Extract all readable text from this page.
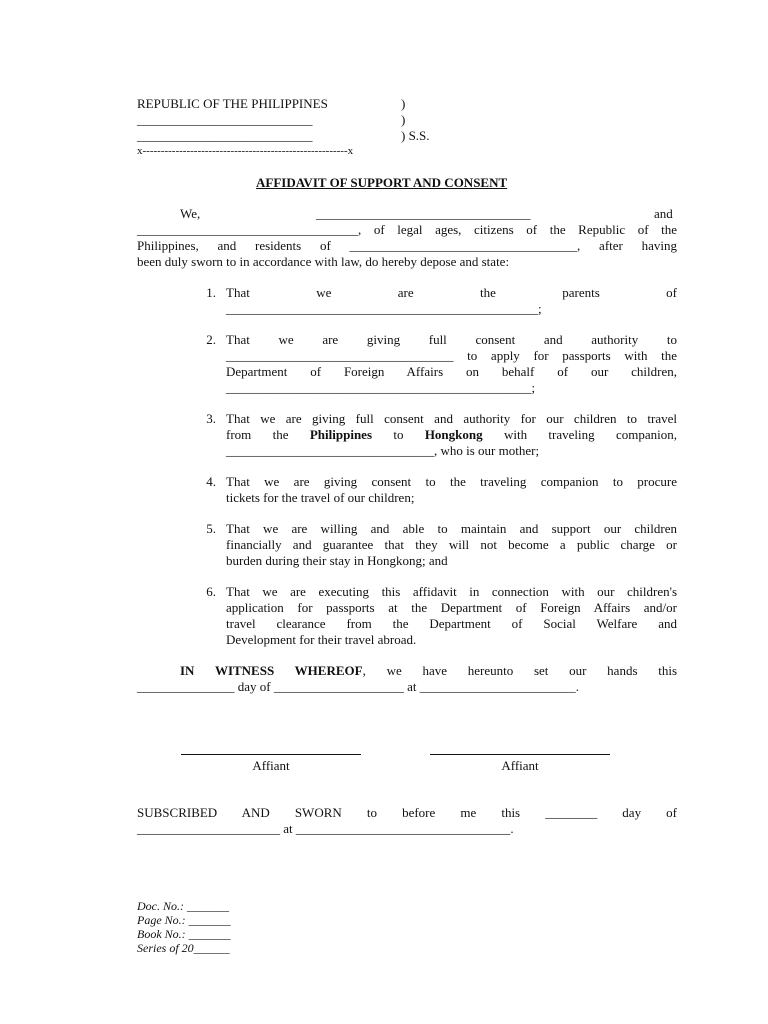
REPUBLIC OF THE PHILIPPINES	)
___________________________	)
___________________________	) S.S.
x--------------------------------------------------------x
AFFIDAVIT OF SUPPORT AND CONSENT
We,	_________________________________	and
__________________________________, of legal ages, citizens of the Republic of the
Philippines, and residents of ___________________________________, after having
been duly sworn to in accordance with law, do hereby depose and state:
1. That we are the parents of
________________________________________________;
2. That we are giving full consent and authority to
___________________________________ to apply for passports with the
Department of Foreign Affairs on behalf of our children,
_______________________________________________;
3. That we are giving full consent and authority for our children to travel
from the Philippines to Hongkong with traveling companion,
________________________________, who is our mother;
4. That we are giving consent to the traveling companion to procure
tickets for the travel of our children;
5. That we are willing and able to maintain and support our children
financially and guarantee that they will not become a public charge or
burden during their stay in Hongkong; and
6. That we are executing this affidavit in connection with our children's
application for passports at the Department of Foreign Affairs and/or
travel clearance from the Department of Social Welfare and
Development for their travel abroad.
IN WITNESS WHEREOF, we have hereunto set our hands this
_______________ day of ____________________ at ________________________.
Affiant	Affiant
SUBSCRIBED AND SWORN to before me this ________ day of
______________________ at _________________________________.
Doc. No.: _______
Page No.: _______
Book No.: _______
Series of 20______
